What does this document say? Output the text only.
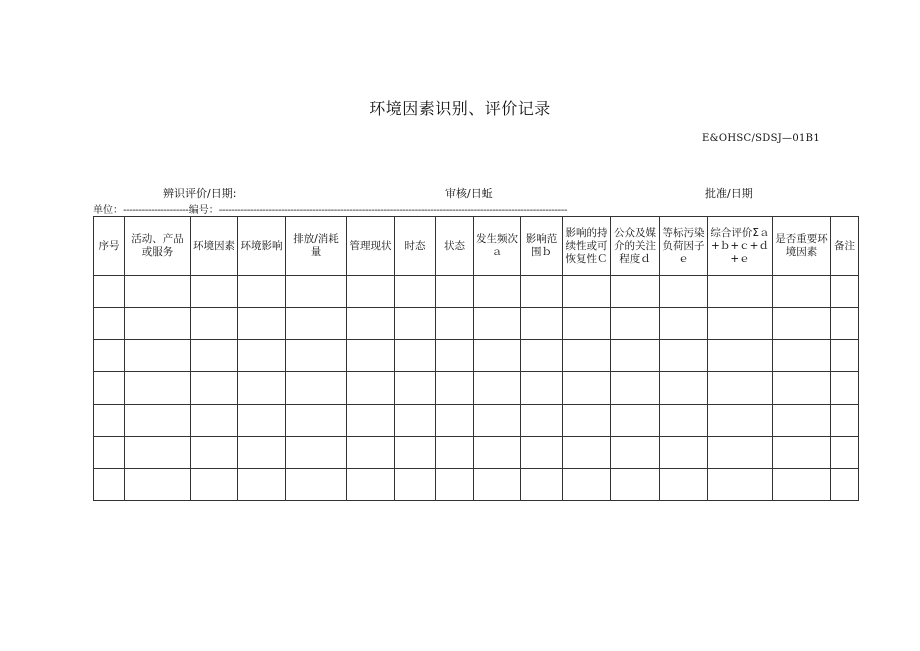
环境因素识别、评价记录
E&OHSC/SDSJ—01B1
辨识评价/日期:	审核/日蚯	批准/日期
单位：---------------------编号：----------------------------------------------------------------------------------------------------------------
序号	活动、产品或服务	环境因素	环境影响	排放/消耗量	管理现状	时态	状态	发生频次ａ	影响范围ｂ	影响的持续性或可恢复性Ｃ	公众及媒介的关注程度ｄ	等标污染负荷因子ｅ	综合评价Σａ+ｂ+ｃ+ｄ+ｅ	是否重要环境因素	备注
